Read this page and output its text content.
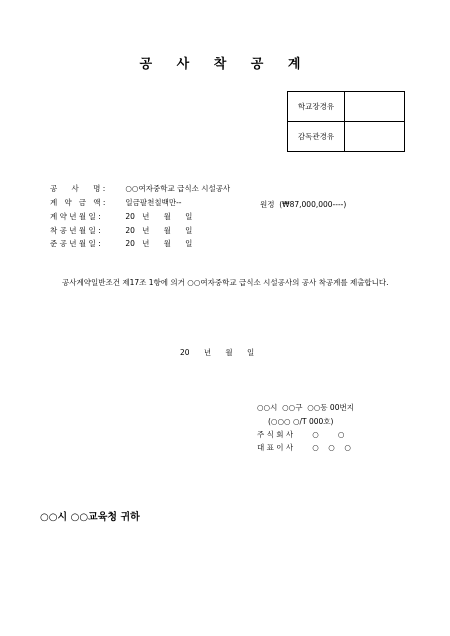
공 사 착 공 계
학교장경유	
감독관경유	
공      사      명 : ○○여자중학교 급식소 시설공사
계   약   금   액 : 일금팔천칠백만--	원정  (₩87,000,000----)
계 약 년 월 일 :	20   년      월      일
착 공 년 월 일 :	20   년      월      일
준 공 년 월 일 :	20   년      월      일
공사계약일반조건 제17조 1항에 의거 ○○여자중학교 급식소 시설공사의 공사 착공계를 제출합니다.
20      년      월      일
○○시  ○○구  ○○동 00번지
(○○○ ○/T 000호)
주 식 회 사        ○        ○
대 표 이 사        ○    ○    ○
○○시 ○○교육청 귀하
